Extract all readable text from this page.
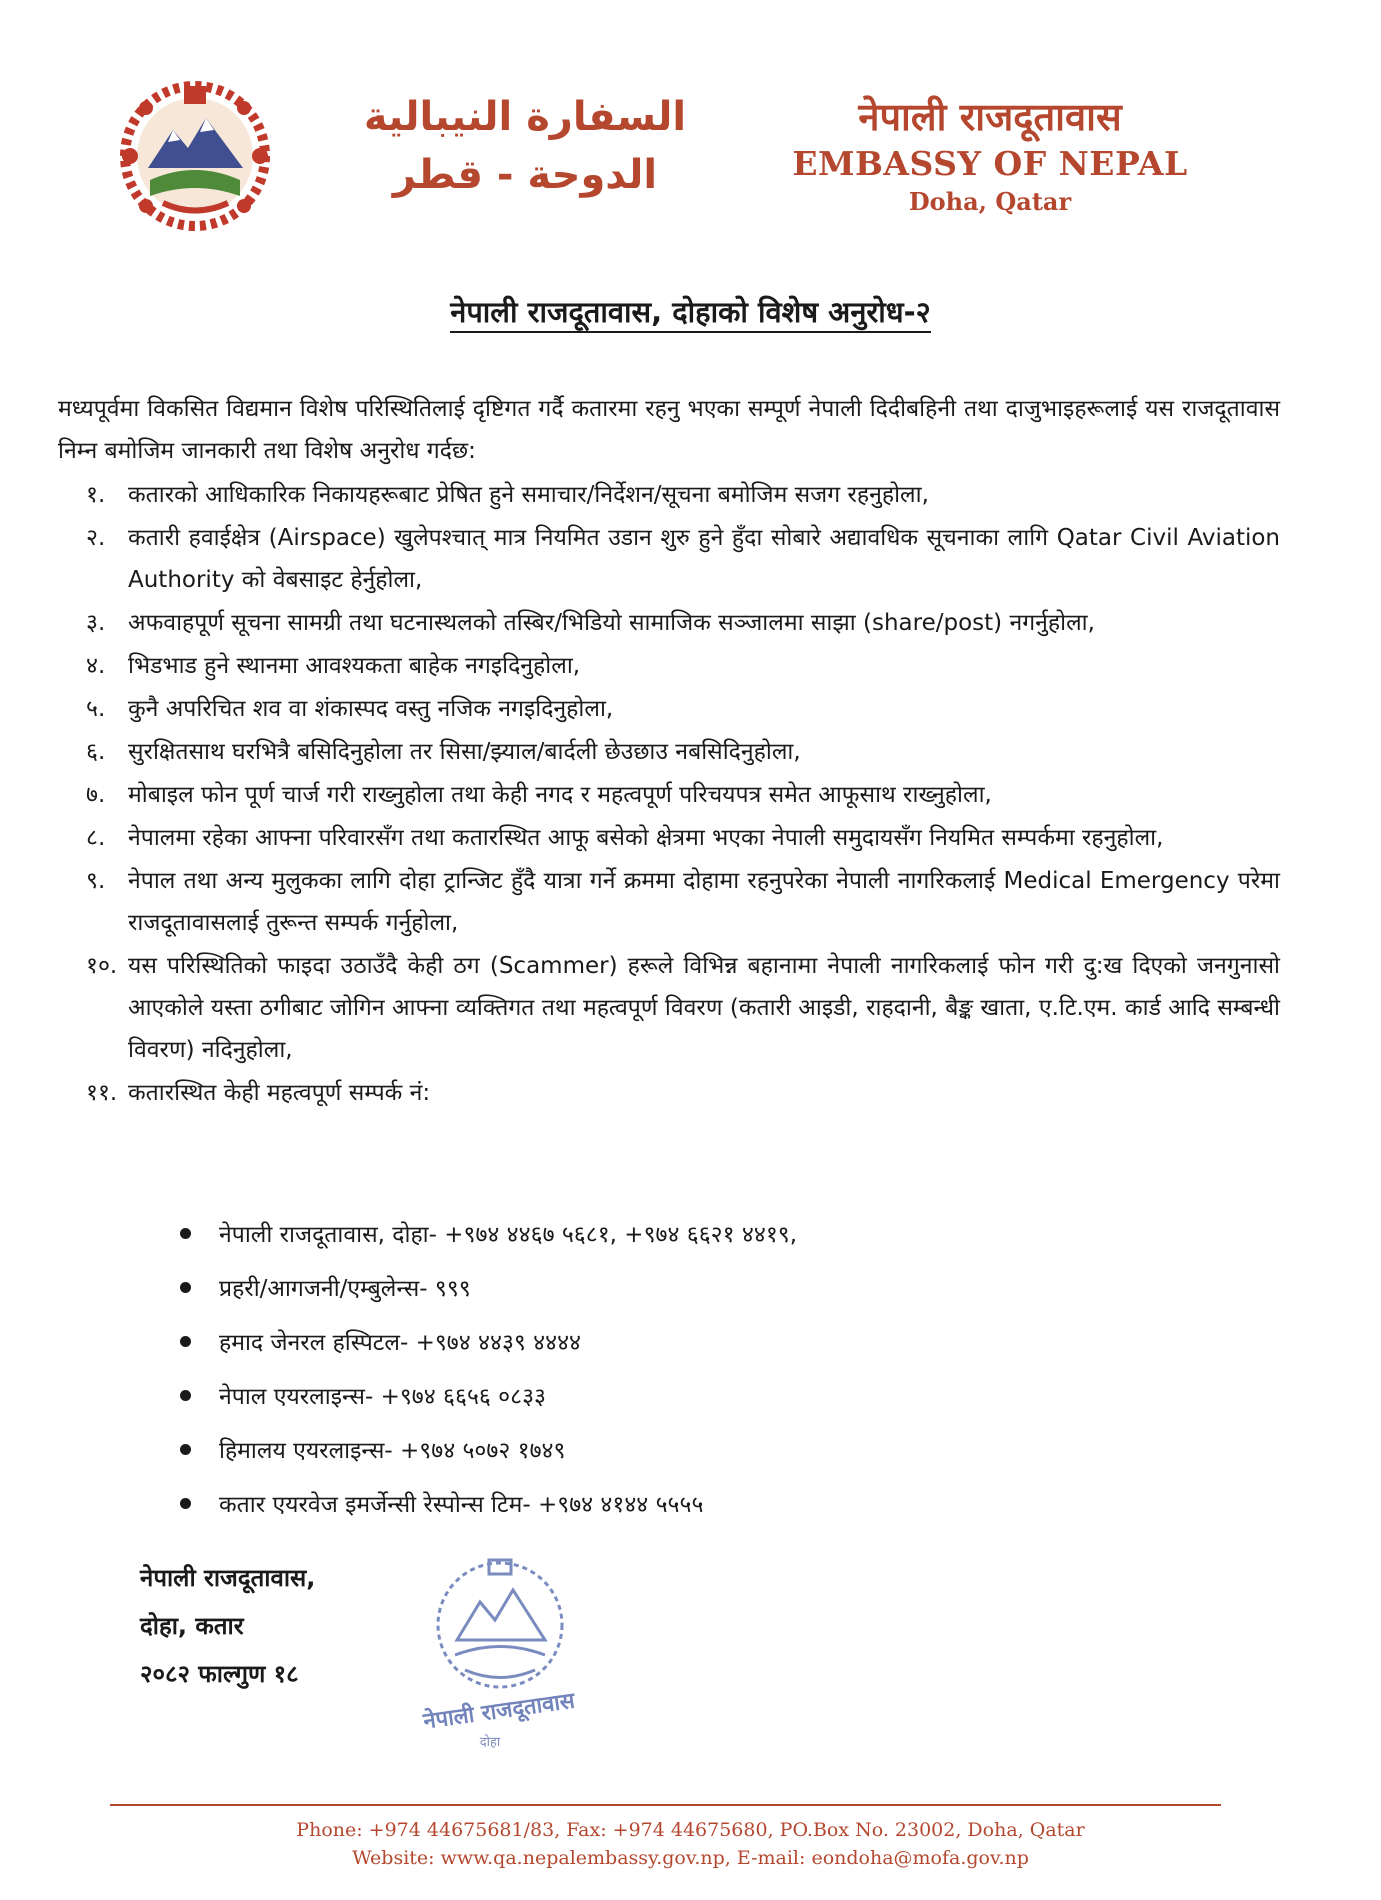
السفارة النيبالية
الدوحة - قطر
नेपाली राजदूतावास
EMBASSY OF NEPAL
Doha, Qatar
नेपाली राजदूतावास, दोहाको विशेष अनुरोध-२
मध्यपूर्वमा विकसित विद्यमान विशेष परिस्थितिलाई दृष्टिगत गर्दै कतारमा रहनु भएका सम्पूर्ण नेपाली दिदीबहिनी तथा दाजुभाइहरूलाई यस राजदूतावास निम्न बमोजिम जानकारी तथा विशेष अनुरोध गर्दछ:
१. कतारको आधिकारिक निकायहरूबाट प्रेषित हुने समाचार/निर्देशन/सूचना बमोजिम सजग रहनुहोला,
२. कतारी हवाईक्षेत्र (Airspace) खुलेपश्चात् मात्र नियमित उडान शुरु हुने हुँदा सोबारे अद्यावधिक सूचनाका लागि Qatar Civil Aviation Authority को वेबसाइट हेर्नुहोला,
३. अफवाहपूर्ण सूचना सामग्री तथा घटनास्थलको तस्बिर/भिडियो सामाजिक सञ्जालमा साझा (share/post) नगर्नुहोला,
४. भिडभाड हुने स्थानमा आवश्यकता बाहेक नगइदिनुहोला,
५. कुनै अपरिचित शव वा शंकास्पद वस्तु नजिक नगइदिनुहोला,
६. सुरक्षितसाथ घरभित्रै बसिदिनुहोला तर सिसा/झ्याल/बार्दली छेउछाउ नबसिदिनुहोला,
७. मोबाइल फोन पूर्ण चार्ज गरी राख्नुहोला तथा केही नगद र महत्वपूर्ण परिचयपत्र समेत आफूसाथ राख्नुहोला,
८. नेपालमा रहेका आफ्ना परिवारसँग तथा कतारस्थित आफू बसेको क्षेत्रमा भएका नेपाली समुदायसँग नियमित सम्पर्कमा रहनुहोला,
९. नेपाल तथा अन्य मुलुकका लागि दोहा ट्रान्जिट हुँदै यात्रा गर्ने क्रममा दोहामा रहनुपरेका नेपाली नागरिकलाई Medical Emergency परेमा राजदूतावासलाई तुरून्त सम्पर्क गर्नुहोला,
१०. यस परिस्थितिको फाइदा उठाउँदै केही ठग (Scammer) हरूले विभिन्न बहानामा नेपाली नागरिकलाई फोन गरी दु:ख दिएको जनगुनासो आएकोले यस्ता ठगीबाट जोगिन आफ्ना व्यक्तिगत तथा महत्वपूर्ण विवरण (कतारी आइडी, राहदानी, बैङ्क खाता, ए.टि.एम. कार्ड आदि सम्बन्धी विवरण) नदिनुहोला,
११. कतारस्थित केही महत्वपूर्ण सम्पर्क नं:
नेपाली राजदूतावास, दोहा- +९७४ ४४६७ ५६८१, +९७४ ६६२१ ४४१९,
प्रहरी/आगजनी/एम्बुलेन्स- ९९९
हमाद जेनरल हस्पिटल- +९७४ ४४३९ ४४४४
नेपाल एयरलाइन्स- +९७४ ६६५६ ०८३३
हिमालय एयरलाइन्स- +९७४ ५०७२ १७४९
कतार एयरवेज इमर्जेन्सी रेस्पोन्स टिम- +९७४ ४१४४ ५५५५
नेपाली राजदूतावास,
दोहा, कतार
२०८२ फाल्गुण १८
नेपाली राजदूतावास
दोहा
Phone: +974 44675681/83, Fax: +974 44675680, PO.Box No. 23002, Doha, Qatar
Website: www.qa.nepalembassy.gov.np, E-mail: eondoha@mofa.gov.np
